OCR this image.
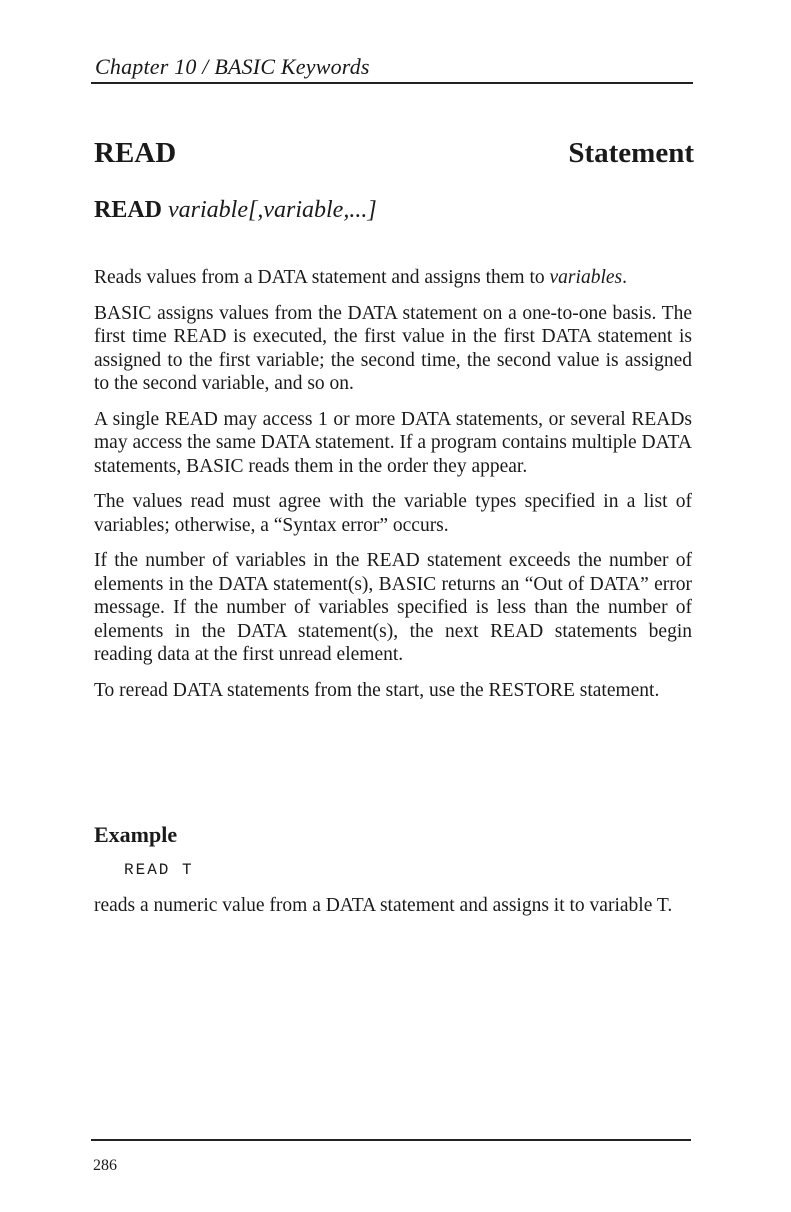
Chapter 10 / BASIC Keywords
READ	Statement
READ variable[,variable,...]

Reads values from a DATA statement and assigns them to variables.

BASIC assigns values from the DATA statement on a one-to-one basis. The first time READ is executed, the first value in the first DATA statement is assigned to the first variable; the second time, the second value is assigned to the second variable, and so on.

A single READ may access 1 or more DATA statements, or several READs may access the same DATA statement. If a program contains multiple DATA statements, BASIC reads them in the order they appear.

The values read must agree with the variable types specified in a list of variables; otherwise, a “Syntax error” occurs.

If the number of variables in the READ statement exceeds the number of elements in the DATA statement(s), BASIC returns an “Out of DATA” error message. If the number of variables specified is less than the number of elements in the DATA statement(s), the next READ statements begin reading data at the first unread element.

To reread DATA statements from the start, use the RESTORE statement.

Example
READ T

reads a numeric value from a DATA statement and assigns it to variable T.

286
